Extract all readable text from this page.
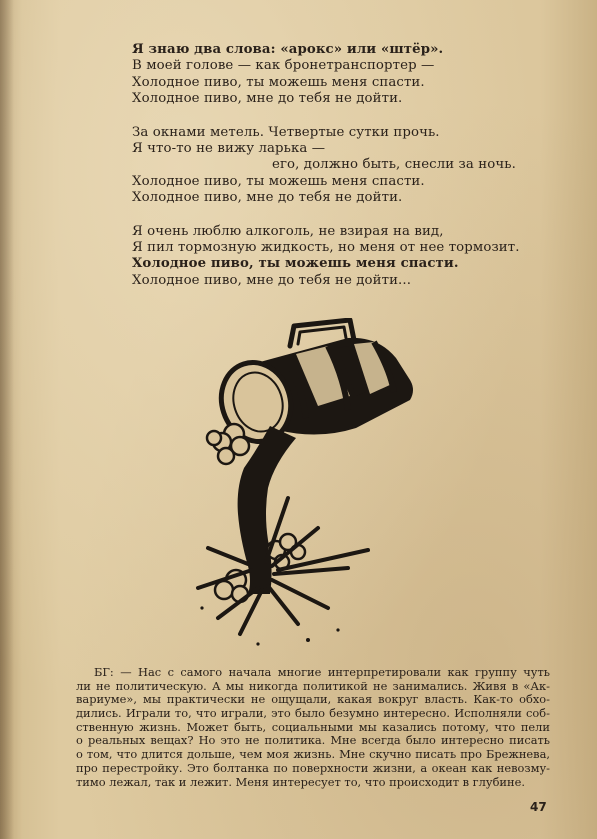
Я знаю два слова: «арокс» или «штёр».
В моей голове — как бронетранспортер —
Холодное пиво, ты можешь меня спасти.
Холодное пиво, мне до тебя не дойти.
За окнами метель. Четвертые сутки прочь.
Я что-то не вижу ларька —
его, должно быть, снесли за ночь.
Холодное пиво, ты можешь меня спасти.
Холодное пиво, мне до тебя не дойти.
Я очень люблю алкоголь, не взирая на вид,
Я пил тормозную жидкость, но меня от нее тормозит.
Холодное пиво, ты можешь меня спасти.
Холодное пиво, мне до тебя не дойти...
БГ: — Нас с самого начала многие интерпретировали как группу чуть
ли не политическую. А мы никогда политикой не занимались. Живя в «Ак-
вариуме», мы практически не ощущали, какая вокруг власть. Как-то обхо-
дились. Играли то, что играли, это было безумно интересно. Исполняли соб-
ственную жизнь. Может быть, социальными мы казались потому, что пели
о реальных вещах? Но это не политика. Мне всегда было интересно писать
о том, что длится дольше, чем моя жизнь. Мне скучно писать про Брежнева,
про перестройку. Это болтанка по поверхности жизни, а океан как невозму-
тимо лежал, так и лежит. Меня интересует то, что происходит в глубине.
47
